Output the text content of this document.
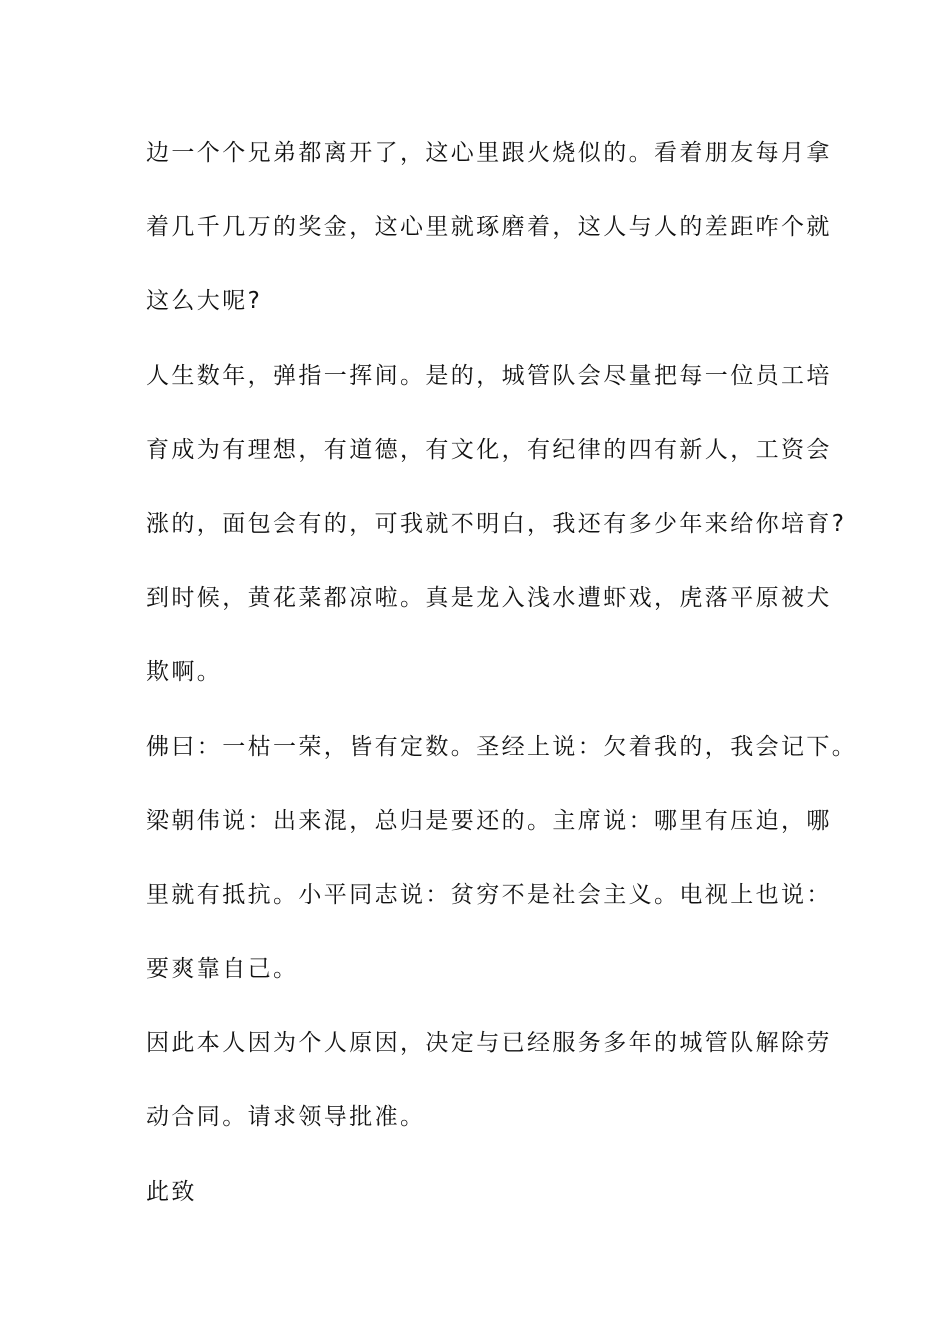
边一个个兄弟都离开了，这心里跟火烧似的。看着朋友每月拿
着几千几万的奖金，这心里就琢磨着，这人与人的差距咋个就
这么大呢?
人生数年，弹指一挥间。是的，城管队会尽量把每一位员工培
育成为有理想，有道德，有文化，有纪律的四有新人，工资会
涨的，面包会有的，可我就不明白，我还有多少年来给你培育?
到时候，黄花菜都凉啦。真是龙入浅水遭虾戏，虎落平原被犬
欺啊。
佛曰：一枯一荣，皆有定数。圣经上说：欠着我的，我会记下。
梁朝伟说：出来混，总归是要还的。主席说：哪里有压迫，哪
里就有抵抗。小平同志说：贫穷不是社会主义。电视上也说：
要爽靠自己。
因此本人因为个人原因，决定与已经服务多年的城管队解除劳
动合同。请求领导批准。
此致
